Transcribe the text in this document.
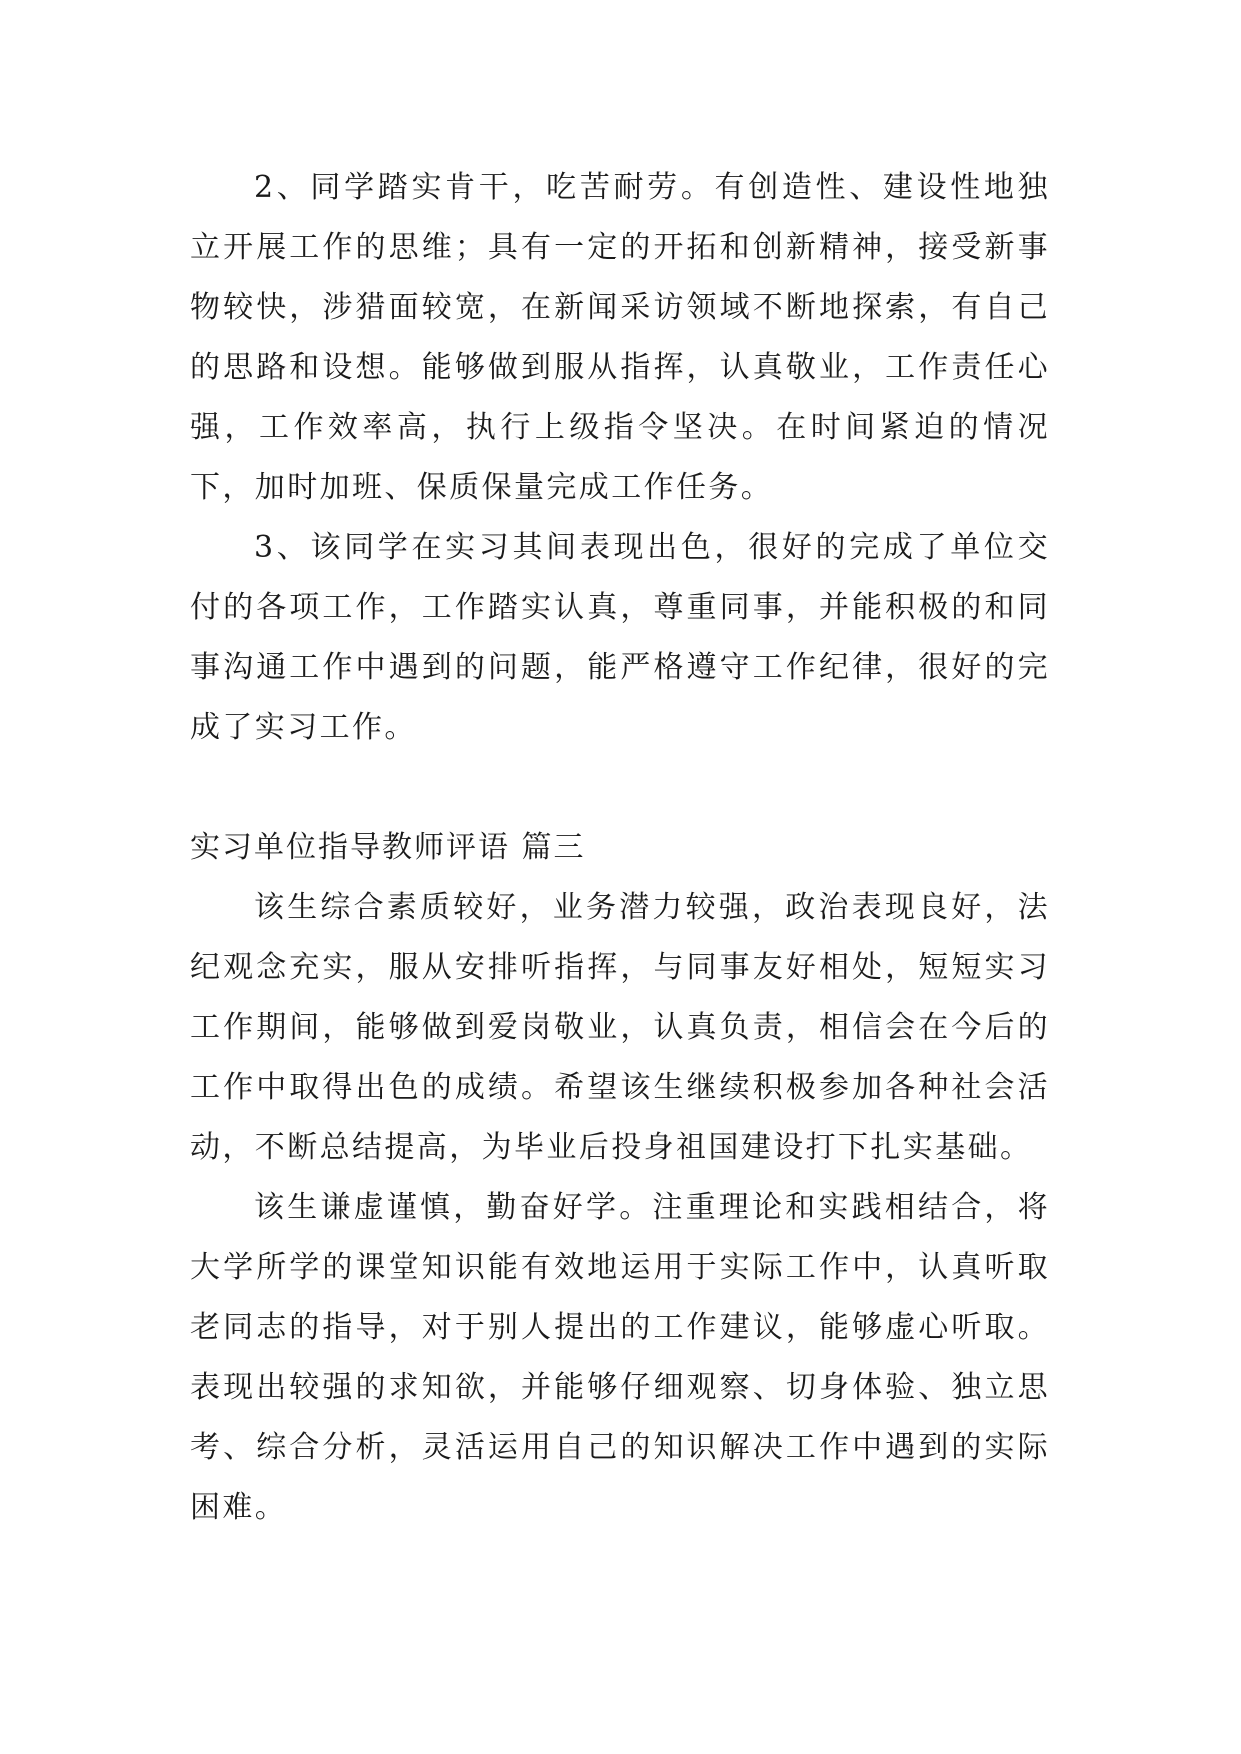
2、同学踏实肯干，吃苦耐劳。有创造性、建设性地独立开展工作的思维；具有一定的开拓和创新精神，接受新事物较快，涉猎面较宽，在新闻采访领域不断地探索，有自己的思路和设想。能够做到服从指挥，认真敬业，工作责任心强，工作效率高，执行上级指令坚决。在时间紧迫的情况下，加时加班、保质保量完成工作任务。

3、该同学在实习其间表现出色，很好的完成了单位交付的各项工作，工作踏实认真，尊重同事，并能积极的和同事沟通工作中遇到的问题，能严格遵守工作纪律，很好的完成了实习工作。

实习单位指导教师评语 篇三

该生综合素质较好，业务潜力较强，政治表现良好，法纪观念充实，服从安排听指挥，与同事友好相处，短短实习工作期间，能够做到爱岗敬业，认真负责，相信会在今后的工作中取得出色的成绩。希望该生继续积极参加各种社会活动，不断总结提高，为毕业后投身祖国建设打下扎实基础。

该生谦虚谨慎，勤奋好学。注重理论和实践相结合，将大学所学的课堂知识能有效地运用于实际工作中，认真听取老同志的指导，对于别人提出的工作建议，能够虚心听取。表现出较强的求知欲，并能够仔细观察、切身体验、独立思考、综合分析，灵活运用自己的知识解决工作中遇到的实际困难。
